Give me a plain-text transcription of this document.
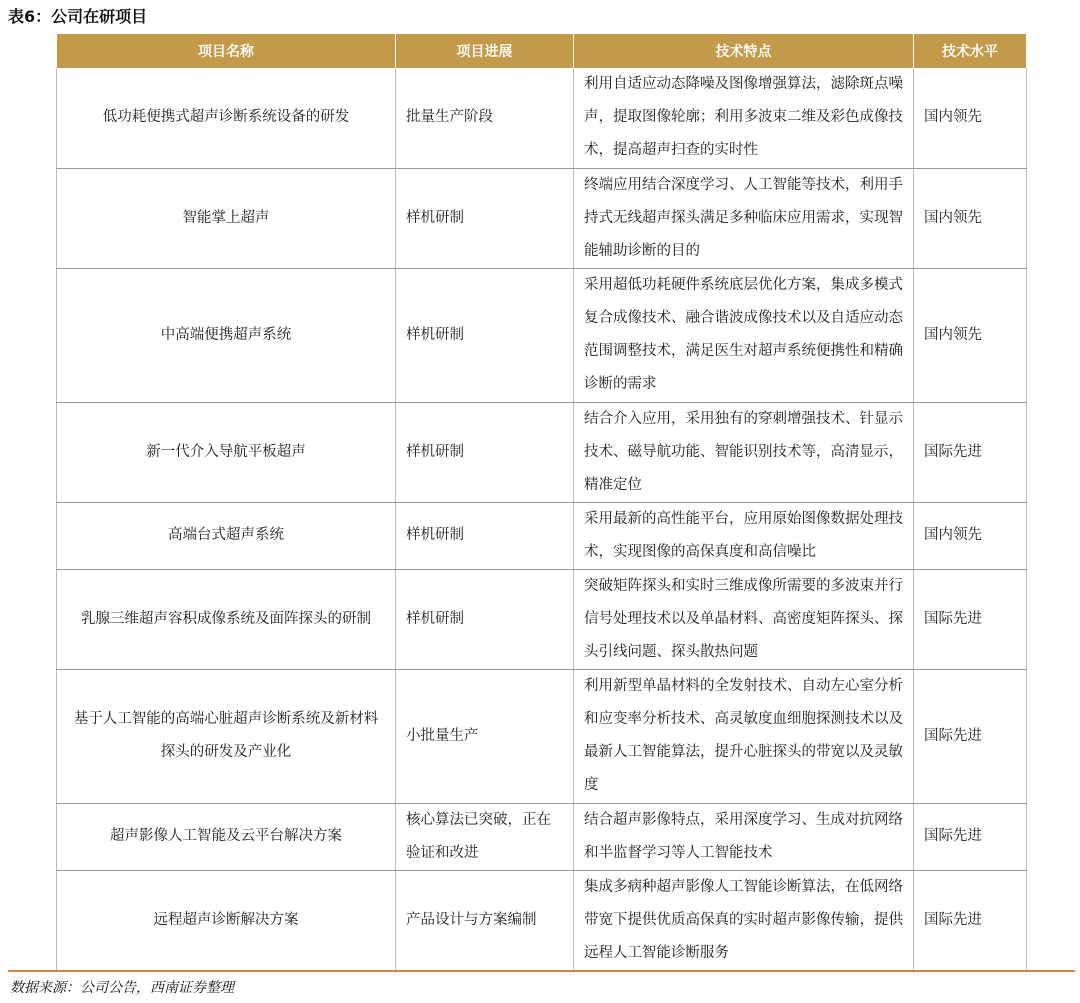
表6：公司在研项目
项目名称	项目进展	技术特点	技术水平
低功耗便携式超声诊断系统设备的研发	批量生产阶段	利用自适应动态降噪及图像增强算法，滤除斑点噪声，提取图像轮廓；利用多波束二维及彩色成像技术，提高超声扫查的实时性	国内领先
智能掌上超声	样机研制	终端应用结合深度学习、人工智能等技术，利用手持式无线超声探头满足多种临床应用需求，实现智能辅助诊断的目的	国内领先
中高端便携超声系统	样机研制	采用超低功耗硬件系统底层优化方案，集成多模式复合成像技术、融合谐波成像技术以及自适应动态范围调整技术，满足医生对超声系统便携性和精确诊断的需求	国内领先
新一代介入导航平板超声	样机研制	结合介入应用，采用独有的穿刺增强技术、针显示技术、磁导航功能、智能识别技术等，高清显示，精准定位	国际先进
高端台式超声系统	样机研制	采用最新的高性能平台，应用原始图像数据处理技术，实现图像的高保真度和高信噪比	国内领先
乳腺三维超声容积成像系统及面阵探头的研制	样机研制	突破矩阵探头和实时三维成像所需要的多波束并行信号处理技术以及单晶材料、高密度矩阵探头、探头引线问题、探头散热问题	国际先进
基于人工智能的高端心脏超声诊断系统及新材料探头的研发及产业化	小批量生产	利用新型单晶材料的全发射技术、自动左心室分析和应变率分析技术、高灵敏度血细胞探测技术以及最新人工智能算法，提升心脏探头的带宽以及灵敏度	国际先进
超声影像人工智能及云平台解决方案	核心算法已突破，正在验证和改进	结合超声影像特点，采用深度学习、生成对抗网络和半监督学习等人工智能技术	国际先进
远程超声诊断解决方案	产品设计与方案编制	集成多病种超声影像人工智能诊断算法，在低网络带宽下提供优质高保真的实时超声影像传输，提供远程人工智能诊断服务	国际先进
数据来源：公司公告，西南证券整理
